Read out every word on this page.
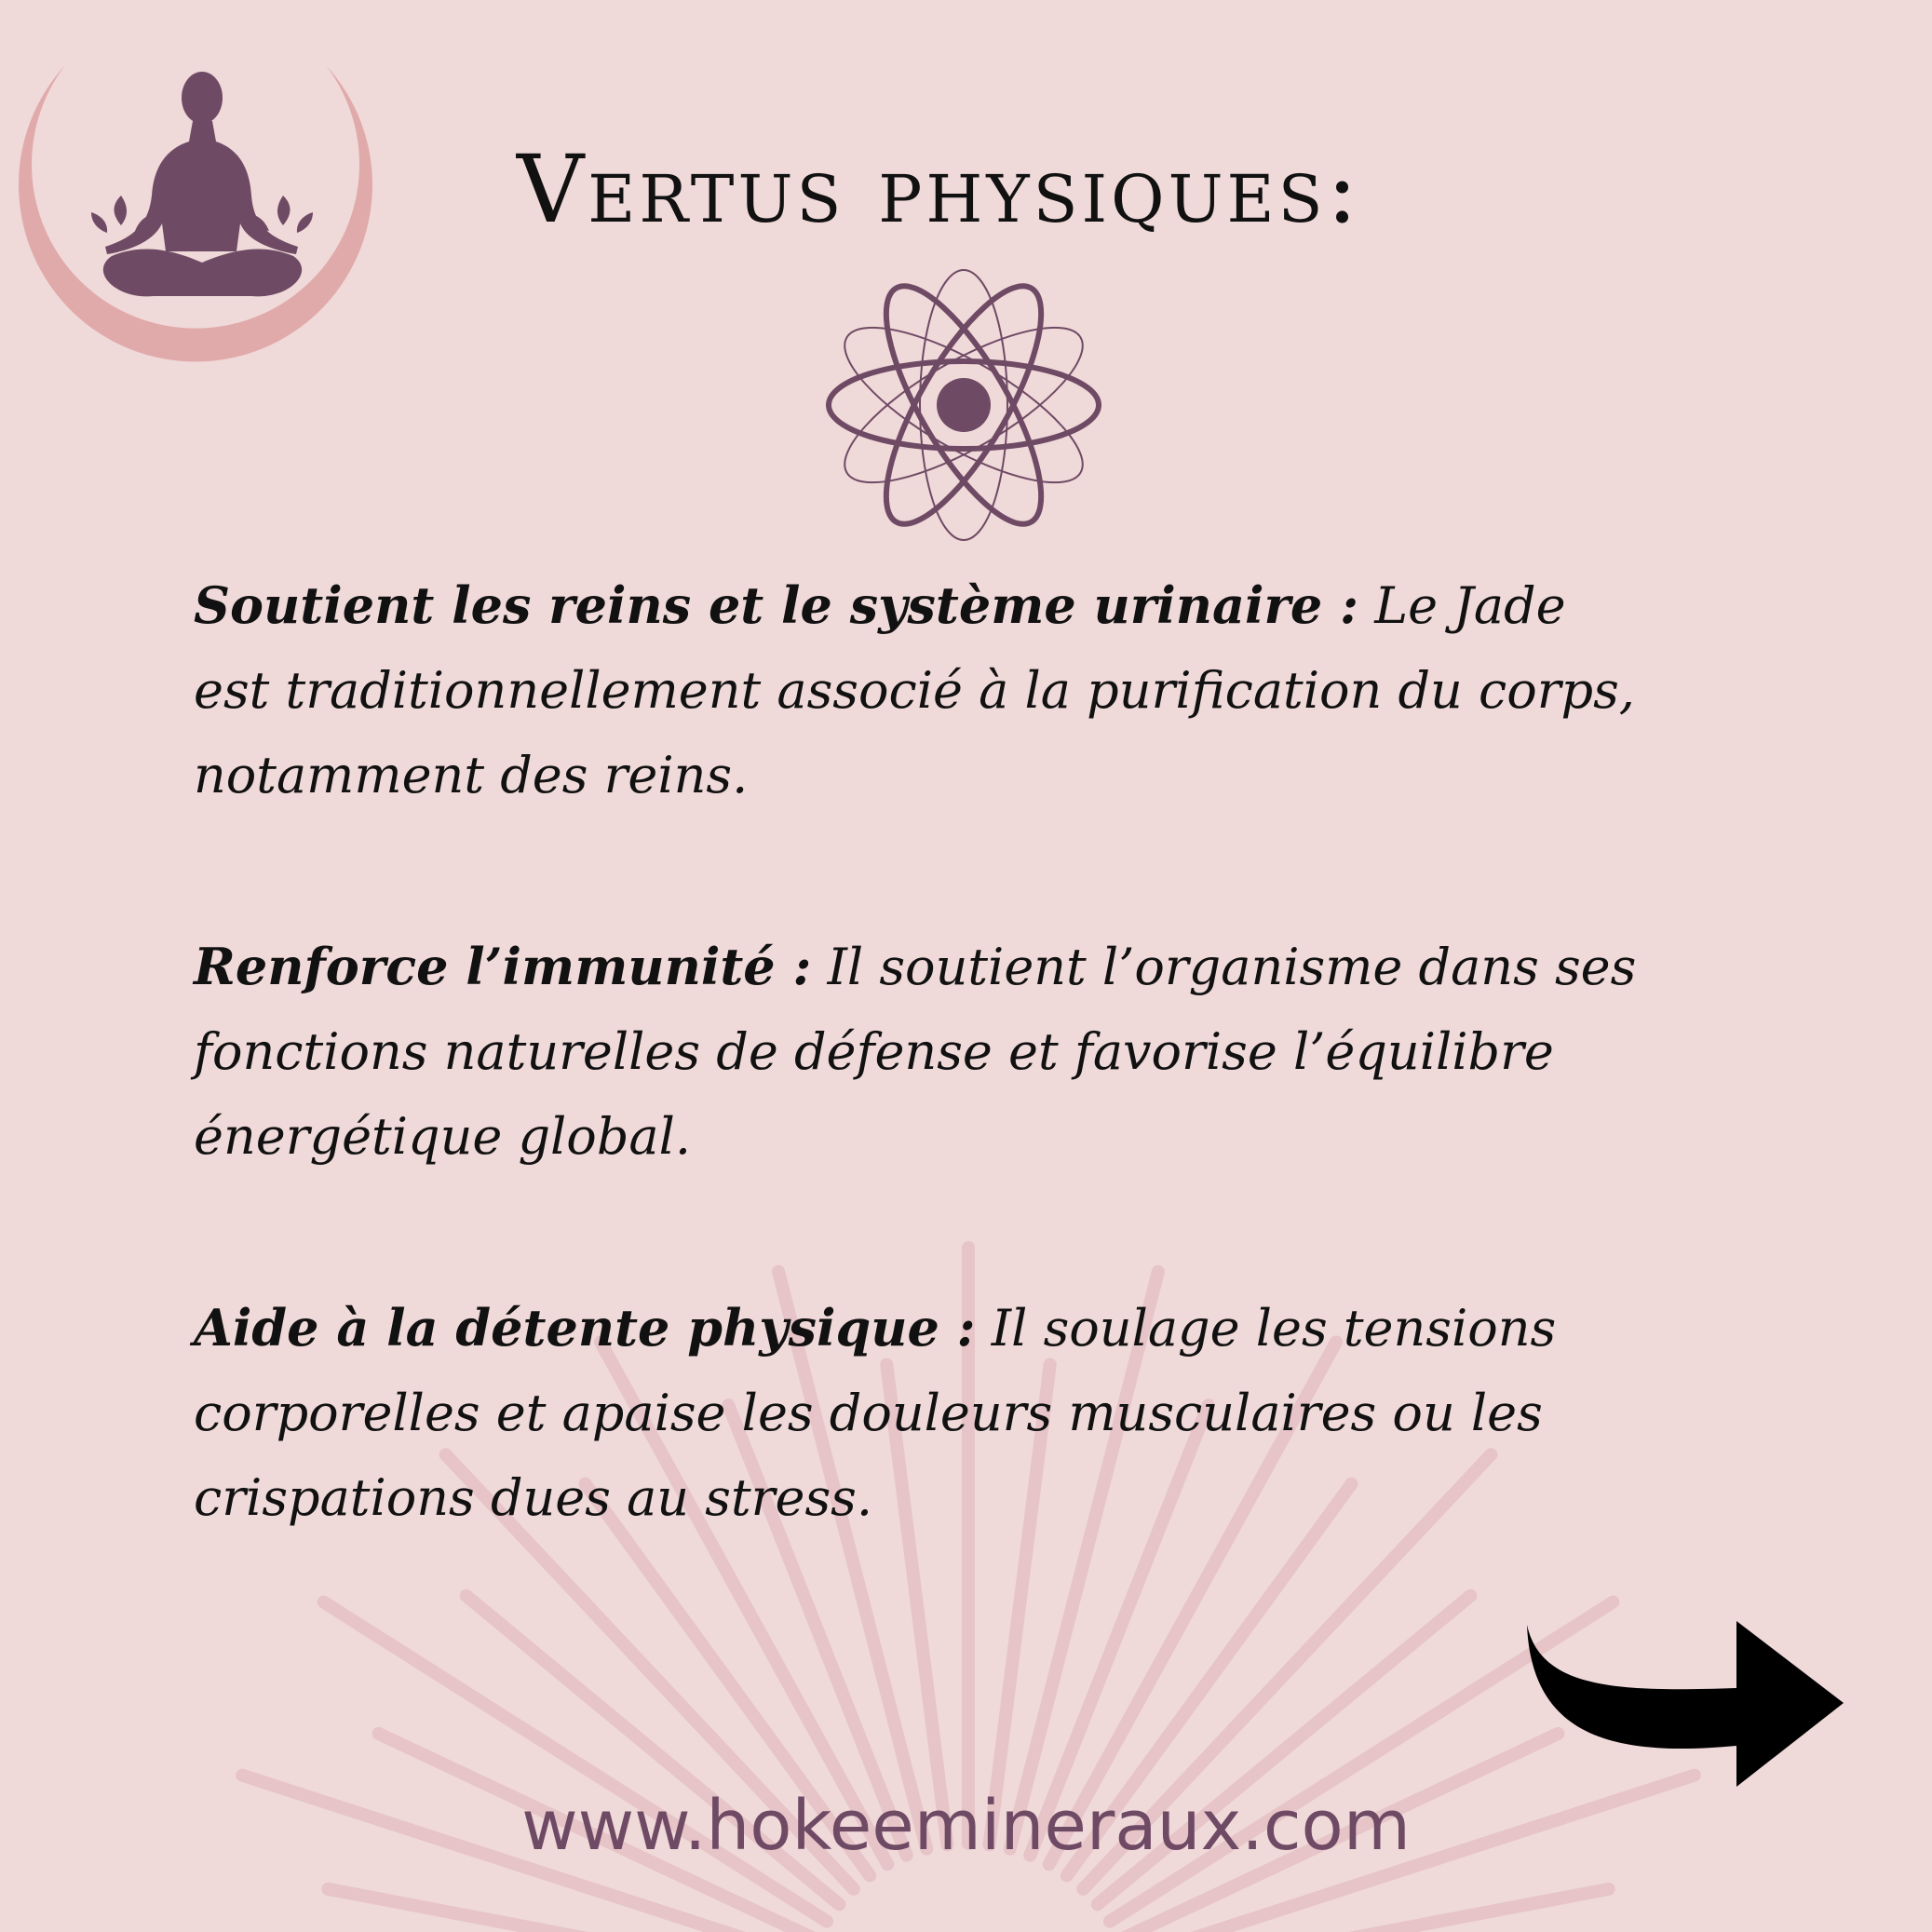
Vertus physiques:

Soutient les reins et le système urinaire : Le Jade est traditionnellement associé à la purification du corps, notamment des reins.

Renforce l’immunité : Il soutient l’organisme dans ses fonctions naturelles de défense et favorise l’équilibre énergétique global.

Aide à la détente physique : Il soulage les tensions corporelles et apaise les douleurs musculaires ou les crispations dues au stress.

www.hokeemineraux.com
